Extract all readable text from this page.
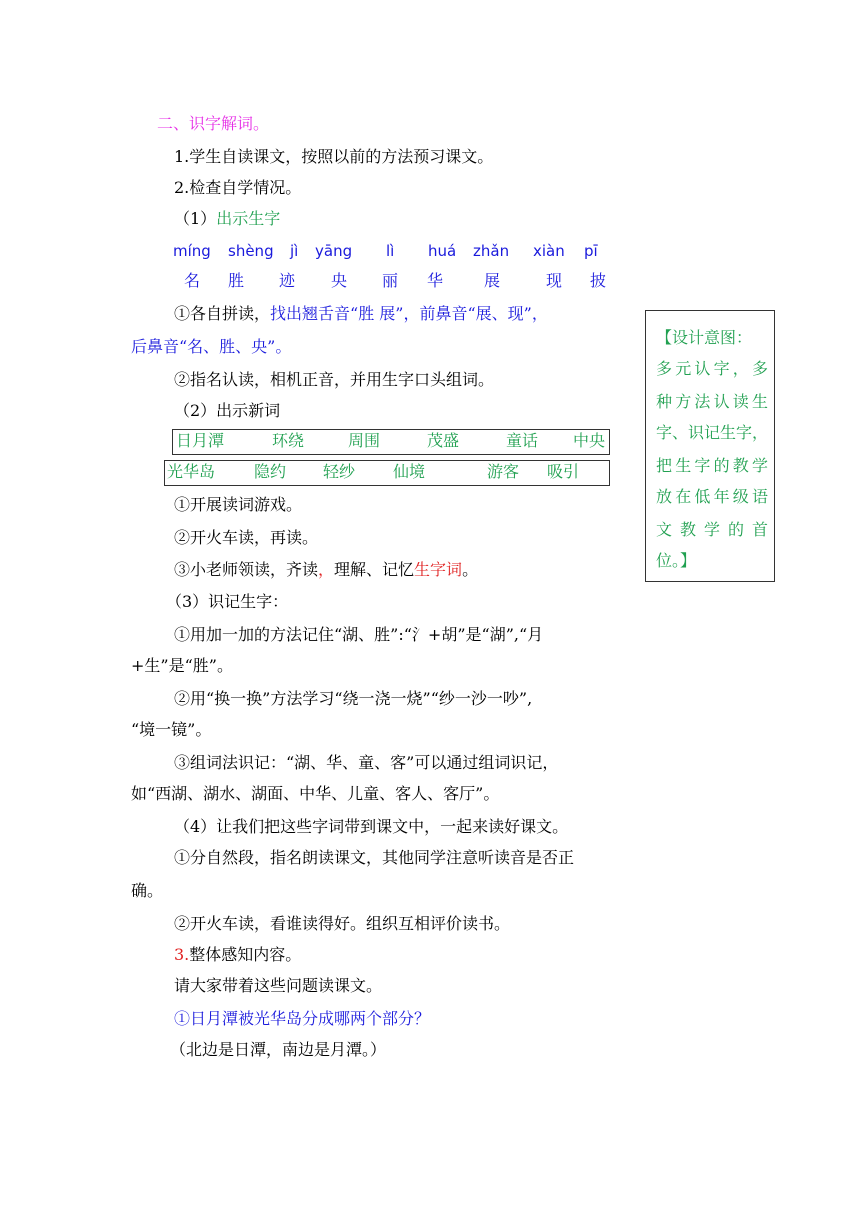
二、识字解词。
1.学生自读课文，按照以前的方法预习课文。
2.检查自学情况。
（1）出示生字
míng shèng jì yāng lì huá zhǎn xiàn pī
名 胜 迹 央 丽 华	展	现 披
①各自拼读，找出翘舌音“胜 展”，前鼻音“展、现”，
后鼻音“名、胜、央”。
②指名认读，相机正音，并用生字口头组词。
（2）出示新词
日月潭	环绕	周围	茂盛	童话 中央
光华岛 隐约 轻纱 仙境	游客 吸引
①开展读词游戏。
②开火车读，再读。
③小老师领读，齐读，理解、记忆生字词。
（3）识记生字：
①用加一加的方法记住“湖、胜”:“氵+胡”是“湖”,“月
+生”是“胜”。
②用“换一换”方法学习“绕一浇一烧”“纱一沙一吵”,
“境一镜”。
③组词法识记：“湖、华、童、客”可以通过组词识记，
如“西湖、湖水、湖面、中华、儿童、客人、客厅”。
（4）让我们把这些字词带到课文中，一起来读好课文。
①分自然段，指名朗读课文，其他同学注意听读音是否正
确。
②开火车读，看谁读得好。组织互相评价读书。
3.整体感知内容。
请大家带着这些问题读课文。
①日月潭被光华岛分成哪两个部分？
（北边是日潭，南边是月潭。）
【设计意图：
多元认字，多
种方法认读生
字、识记生字，
把生字的教学
放在低年级语
文 教 学 的 首
位。】
